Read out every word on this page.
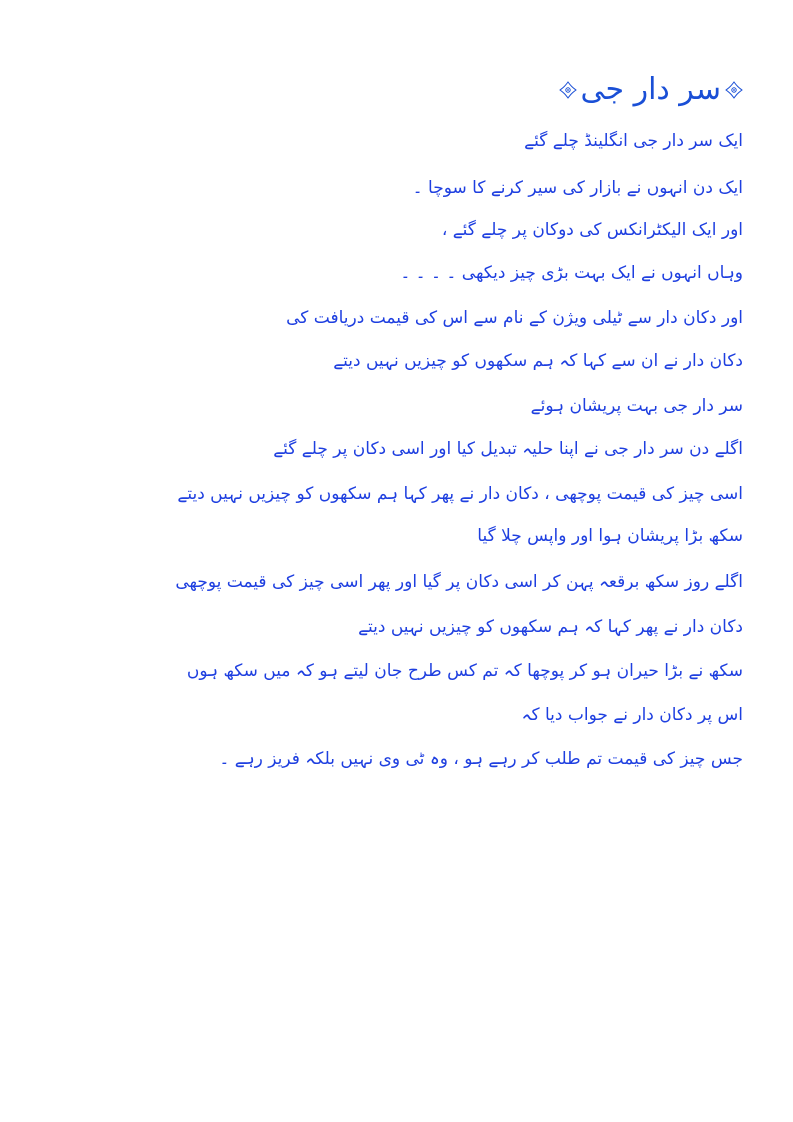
سر دار جی
ایک سر دار جی انگلینڈ چلے گئے
ایک دن انہوں نے بازار کی سیر کرنے کا سوچا ۔
اور ایک الیکٹرانکس کی دوکان پر چلے گئے ،
وہاں انہوں نے ایک بہت بڑی چیز دیکھی ۔ ۔ ۔ ۔
اور دکان دار سے ٹیلی ویژن کے نام سے اس کی قیمت دریافت کی
دکان دار نے ان سے کہا کہ ہم سکھوں کو چیزیں نہیں دیتے
سر دار جی بہت پریشان ہوئے
اگلے دن سر دار جی نے اپنا حلیہ تبدیل کیا اور اسی دکان پر چلے گئے
اسی چیز کی قیمت پوچھی ، دکان دار نے پھر کہا ہم سکھوں کو چیزیں نہیں دیتے
سکھ بڑا پریشان ہوا اور واپس چلا گیا
اگلے روز سکھ برقعہ پہن کر اسی دکان پر گیا اور پھر اسی چیز کی قیمت پوچھی
دکان دار نے پھر کہا کہ ہم سکھوں کو چیزیں نہیں دیتے
سکھ نے بڑا حیران ہو کر پوچھا کہ تم کس طرح جان لیتے ہو کہ میں سکھ ہوں
اس پر دکان دار نے جواب دیا کہ
جس چیز کی قیمت تم طلب کر رہے ہو ، وہ ٹی وی نہیں بلکہ فریز رہے ۔
